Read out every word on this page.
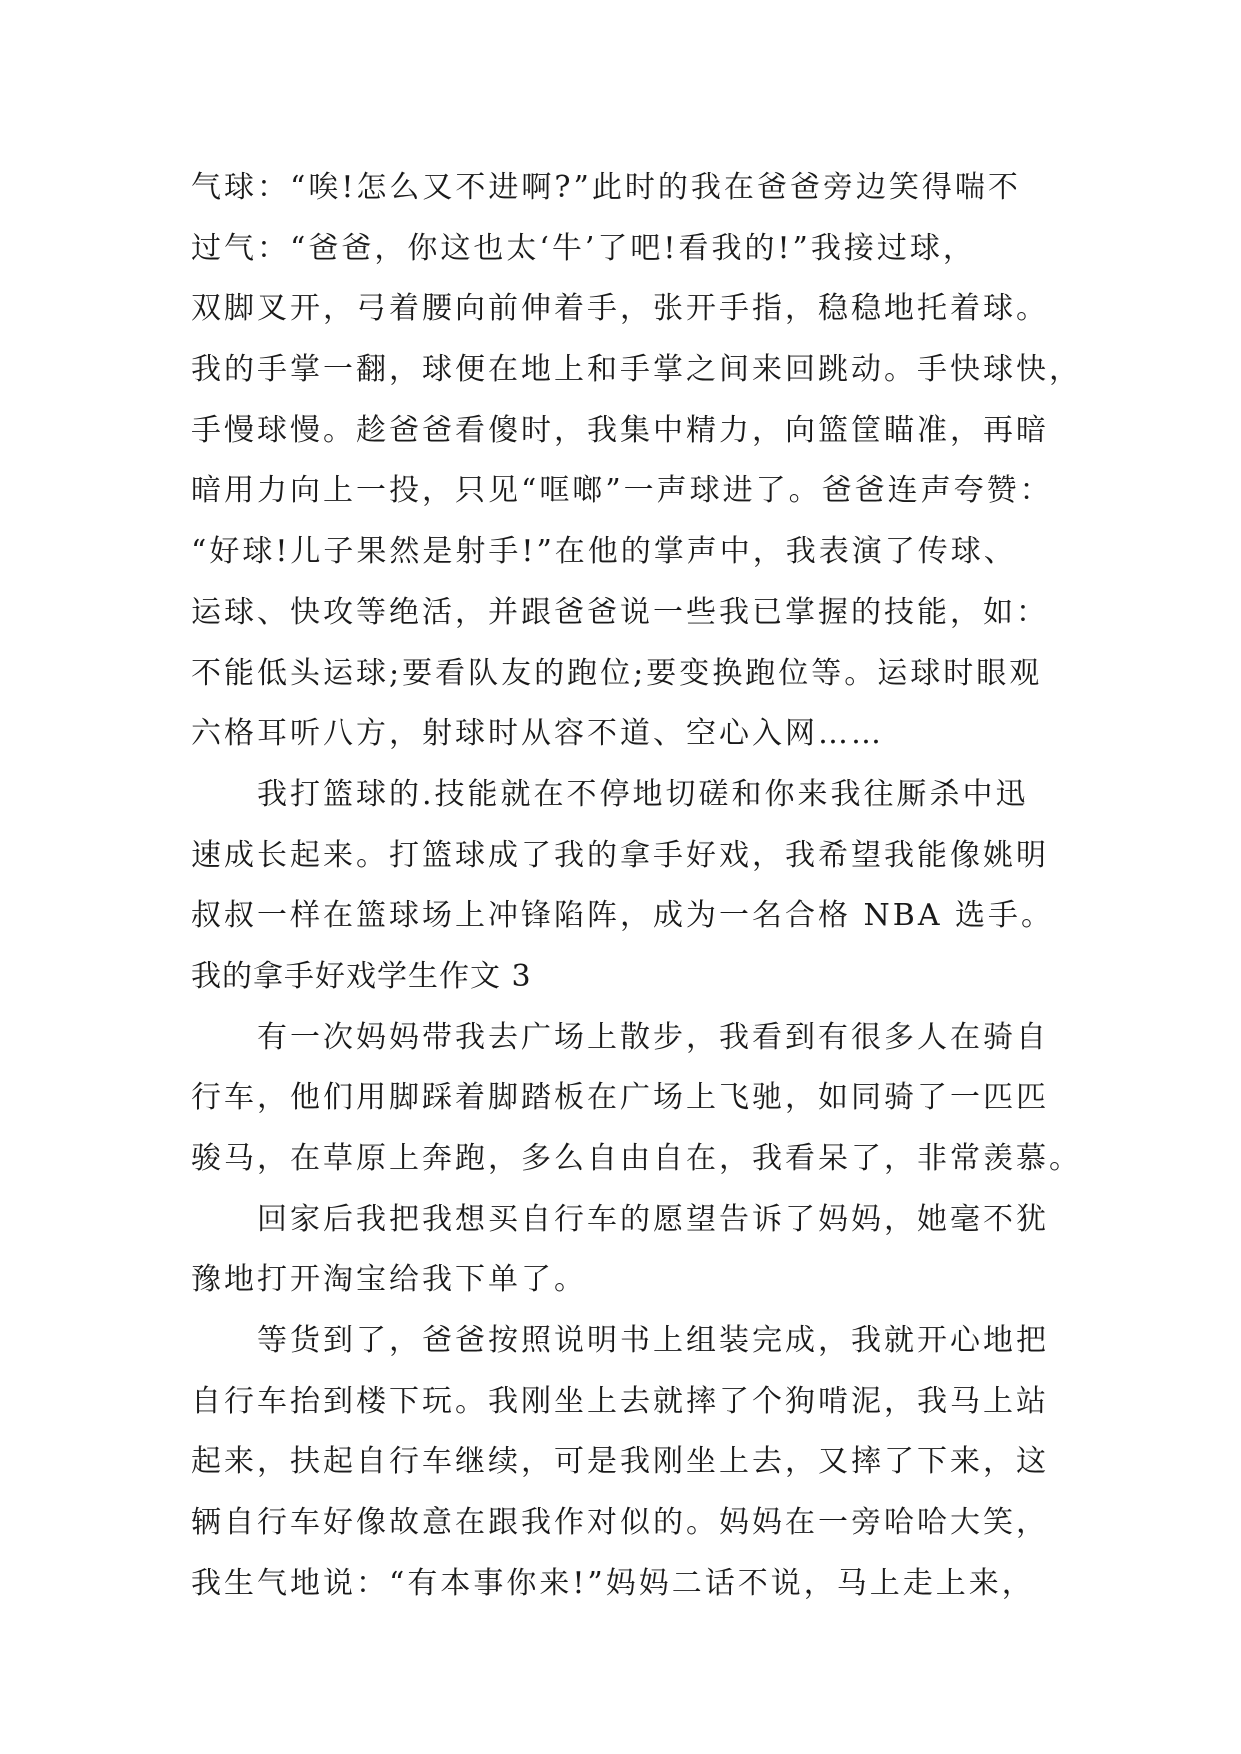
气球：“唉!怎么又不进啊?”此时的我在爸爸旁边笑得喘不
过气：“爸爸，你这也太‘牛’了吧!看我的!”我接过球，
双脚叉开，弓着腰向前伸着手，张开手指，稳稳地托着球。
我的手掌一翻，球便在地上和手掌之间来回跳动。手快球快，
手慢球慢。趁爸爸看傻时，我集中精力，向篮筐瞄准，再暗
暗用力向上一投，只见“哐啷”一声球进了。爸爸连声夸赞：
“好球!儿子果然是射手!”在他的掌声中，我表演了传球、
运球、快攻等绝活，并跟爸爸说一些我已掌握的技能，如：
不能低头运球;要看队友的跑位;要变换跑位等。运球时眼观
六格耳听八方，射球时从容不道、空心入网……
我打篮球的.技能就在不停地切磋和你来我往厮杀中迅
速成长起来。打篮球成了我的拿手好戏，我希望我能像姚明
叔叔一样在篮球场上冲锋陷阵，成为一名合格 NBA 选手。
我的拿手好戏学生作文 3
有一次妈妈带我去广场上散步，我看到有很多人在骑自
行车，他们用脚踩着脚踏板在广场上飞驰，如同骑了一匹匹
骏马，在草原上奔跑，多么自由自在，我看呆了，非常羡慕。
回家后我把我想买自行车的愿望告诉了妈妈，她毫不犹
豫地打开淘宝给我下单了。
等货到了，爸爸按照说明书上组装完成，我就开心地把
自行车抬到楼下玩。我刚坐上去就摔了个狗啃泥，我马上站
起来，扶起自行车继续，可是我刚坐上去，又摔了下来，这
辆自行车好像故意在跟我作对似的。妈妈在一旁哈哈大笑，
我生气地说：“有本事你来!”妈妈二话不说，马上走上来，
